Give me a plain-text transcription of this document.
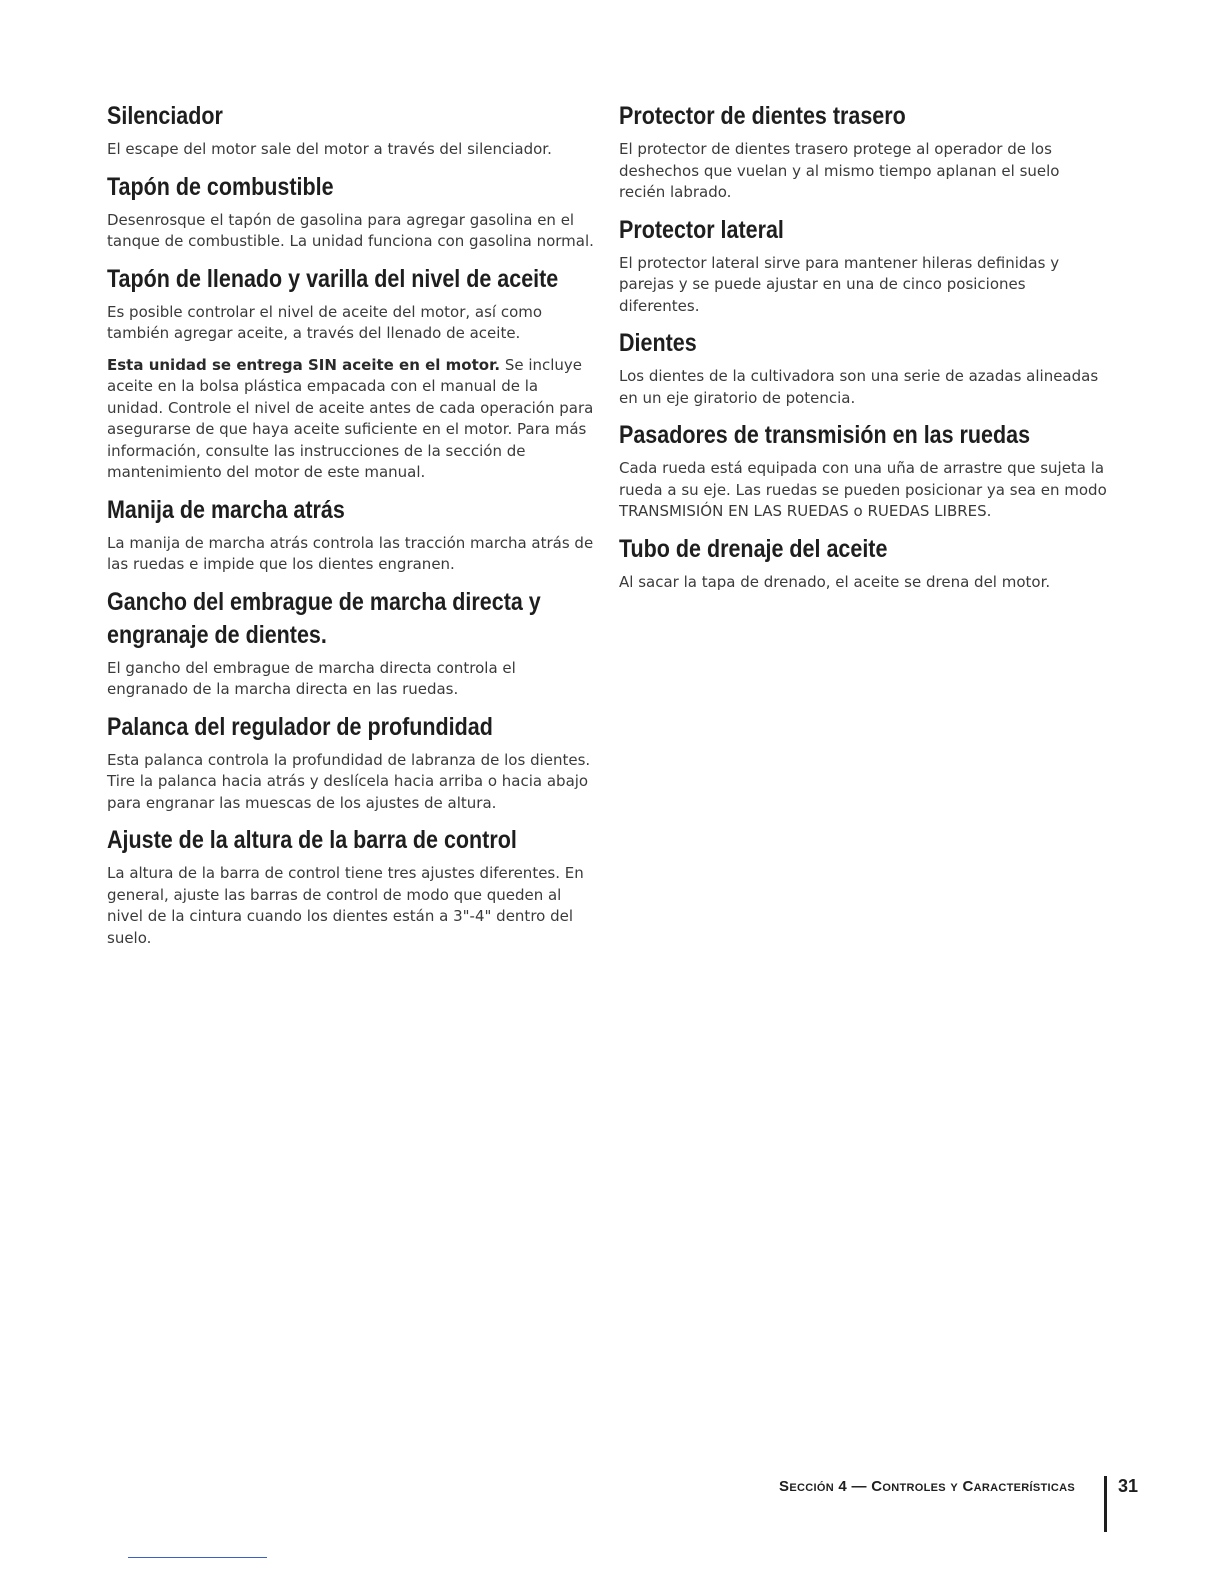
Silenciador

El escape del motor sale del motor a través del silenciador.

Tapón de combustible

Desenrosque el tapón de gasolina para agregar gasolina en el tanque de combustible. La unidad funciona con gasolina normal.

Tapón de llenado y varilla del nivel de aceite

Es posible controlar el nivel de aceite del motor, así como también agregar aceite, a través del llenado de aceite.

Esta unidad se entrega SIN aceite en el motor. Se incluye aceite en la bolsa plástica empacada con el manual de la unidad. Controle el nivel de aceite antes de cada operación para asegurarse de que haya aceite suficiente en el motor. Para más información, consulte las instrucciones de la sección de mantenimiento del motor de este manual.

Manija de marcha atrás

La manija de marcha atrás controla las tracción marcha atrás de las ruedas e impide que los dientes engranen.

Gancho del embrague de marcha directa y engranaje de dientes.

El gancho del embrague de marcha directa controla el engranado de la marcha directa en las ruedas.

Palanca del regulador de profundidad

Esta palanca controla la profundidad de labranza de los dientes. Tire la palanca hacia atrás y deslícela hacia arriba o hacia abajo para engranar las muescas de los ajustes de altura.

Ajuste de la altura de la barra de control

La altura de la barra de control tiene tres ajustes diferentes. En general, ajuste las barras de control de modo que queden al nivel de la cintura cuando los dientes están a 3"-4" dentro del suelo.

Protector de dientes trasero

El protector de dientes trasero protege al operador de los deshechos que vuelan y al mismo tiempo aplanan el suelo recién labrado.

Protector lateral

El protector lateral sirve para mantener hileras definidas y parejas y se puede ajustar en una de cinco posiciones diferentes.

Dientes

Los dientes de la cultivadora son una serie de azadas alineadas en un eje giratorio de potencia.

Pasadores de transmisión en las ruedas

Cada rueda está equipada con una uña de arrastre que sujeta la rueda a su eje. Las ruedas se pueden posicionar ya sea en modo TRANSMISIÓN EN LAS RUEDAS o RUEDAS LIBRES.

Tubo de drenaje del aceite

Al sacar la tapa de drenado, el aceite se drena del motor.

Sección 4 — Controles y Características 31
